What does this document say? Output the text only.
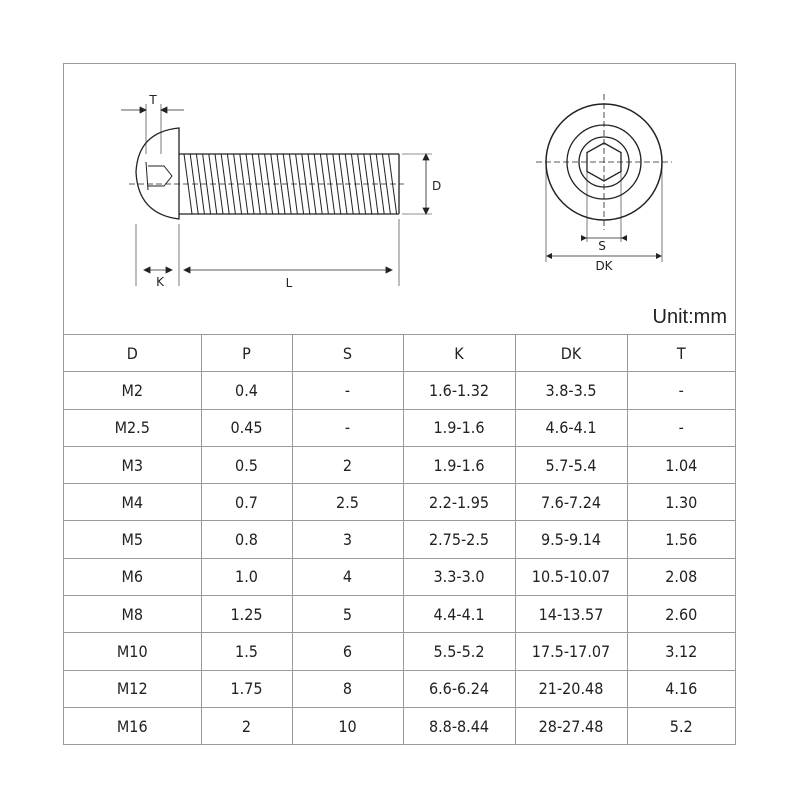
T
D
K	L
S
DK
Unit:mm
D	P	S	K	DK	T
M2	0.4	-	1.6-1.32	3.8-3.5	-
M2.5	0.45	-	1.9-1.6	4.6-4.1	-
M3	0.5	2	1.9-1.6	5.7-5.4	1.04
M4	0.7	2.5	2.2-1.95	7.6-7.24	1.30
M5	0.8	3	2.75-2.5	9.5-9.14	1.56
M6	1.0	4	3.3-3.0	10.5-10.07	2.08
M8	1.25	5	4.4-4.1	14-13.57	2.60
M10	1.5	6	5.5-5.2	17.5-17.07	3.12
M12	1.75	8	6.6-6.24	21-20.48	4.16
M16	2	10	8.8-8.44	28-27.48	5.2
